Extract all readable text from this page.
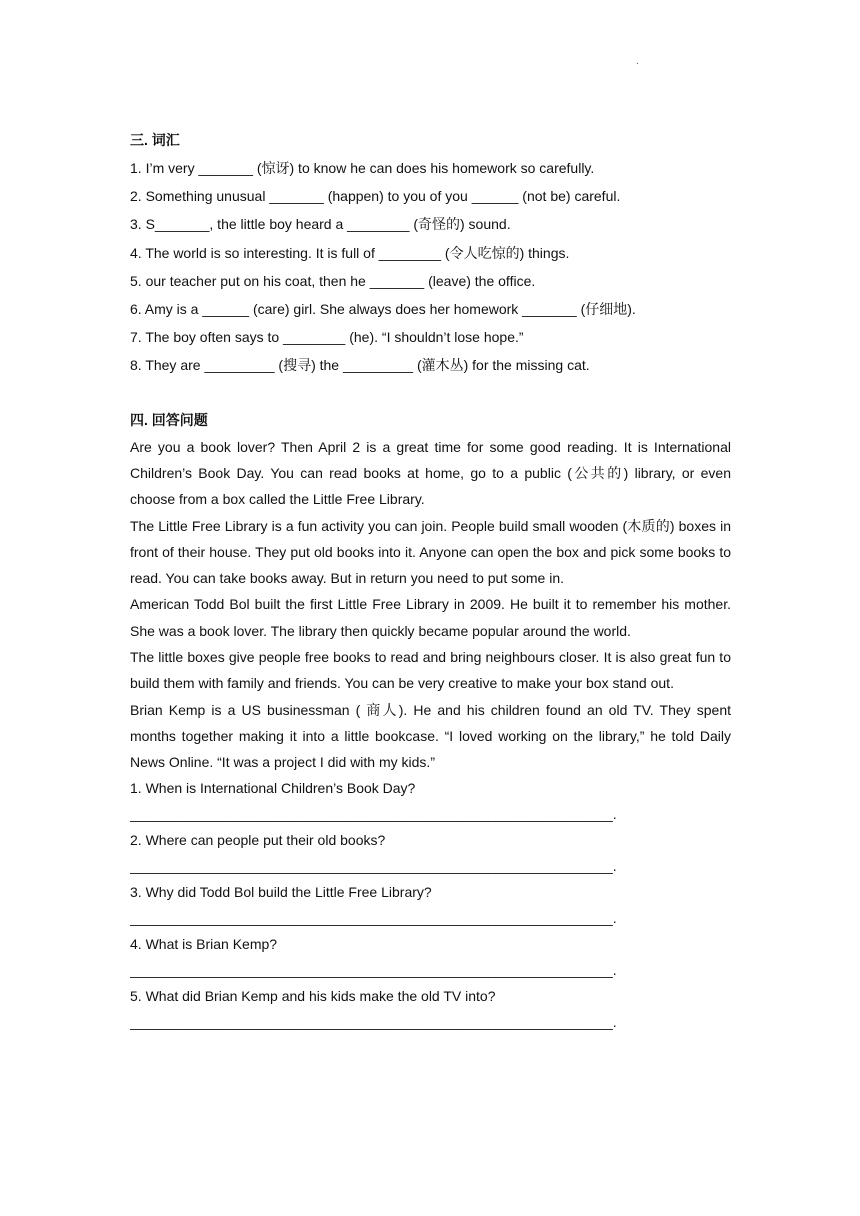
.
三. 词汇
1. I’m very _______ (惊讶) to know he can does his homework so carefully.
2. Something unusual _______ (happen) to you of you ______ (not be) careful.
3. S_______, the little boy heard a ________ (奇怪的) sound.
4. The world is so interesting. It is full of ________ (令人吃惊的) things.
5. our teacher put on his coat, then he _______ (leave) the office.
6. Amy is a ______ (care) girl. She always does her homework _______ (仔细地).
7. The boy often says to ________ (he). “I shouldn’t lose hope.”
8. They are _________ (搜寻) the _________ (灌木丛) for the missing cat.
四. 回答问题
Are you a book lover? Then April 2 is a great time for some good reading. It is International Children’s Book Day. You can read books at home, go to a public (公共的) library, or even choose from a box called the Little Free Library.
The Little Free Library is a fun activity you can join. People build small wooden (木质的) boxes in front of their house. They put old books into it. Anyone can open the box and pick some books to read. You can take books away. But in return you need to put some in.
American Todd Bol built the first Little Free Library in 2009. He built it to remember his mother. She was a book lover. The library then quickly became popular around the world.
The little boxes give people free books to read and bring neighbours closer. It is also great fun to build them with family and friends. You can be very creative to make your box stand out.
Brian Kemp is a US businessman ( 商人). He and his children found an old TV. They spent months together making it into a little bookcase. “I loved working on the library,” he told Daily News Online. “It was a project I did with my kids.”
1. When is International Children’s Book Day?
______________________________________________________________.
2. Where can people put their old books?
______________________________________________________________.
3. Why did Todd Bol build the Little Free Library?
______________________________________________________________.
4. What is Brian Kemp?
______________________________________________________________.
5. What did Brian Kemp and his kids make the old TV into?
______________________________________________________________.
